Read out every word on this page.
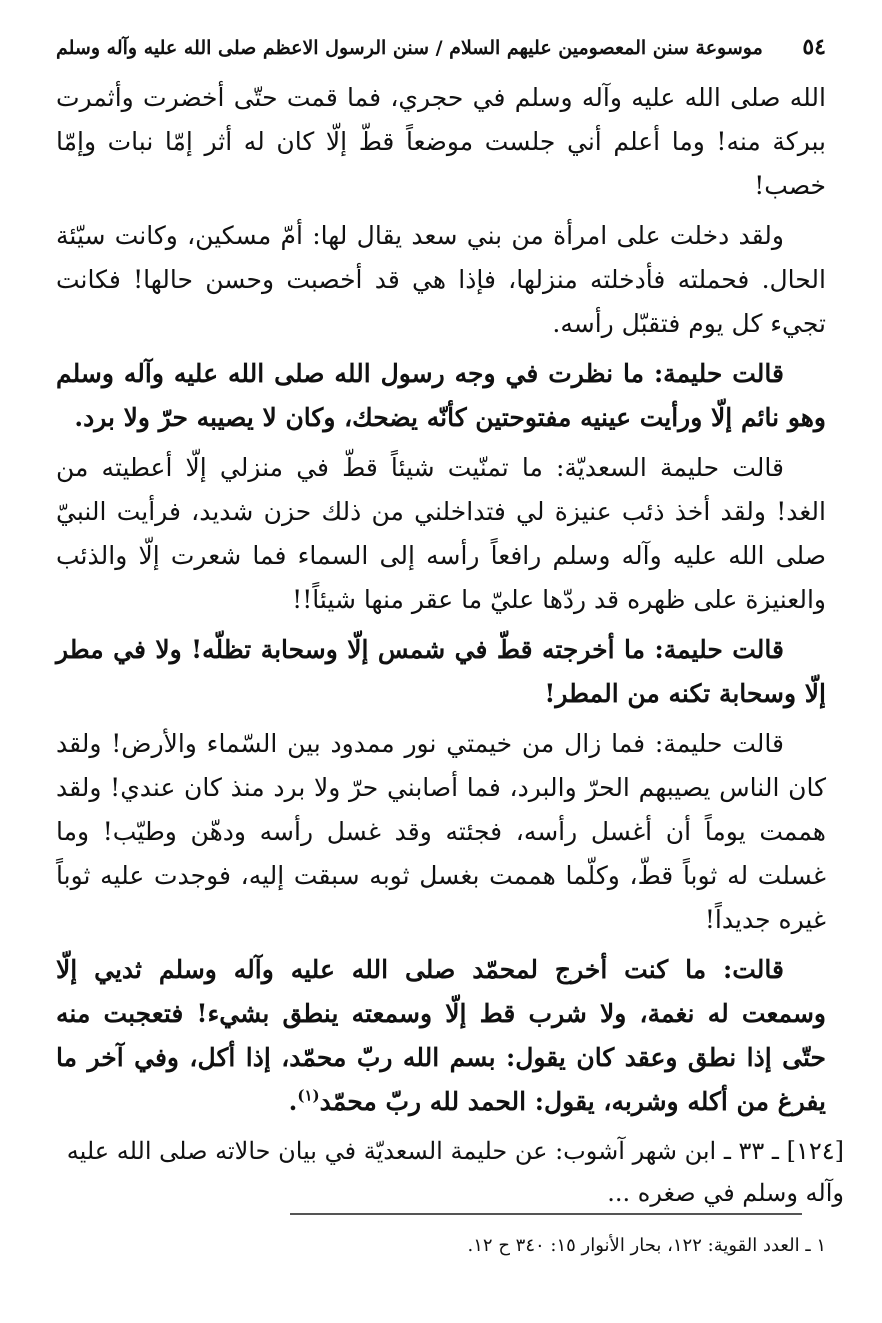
٥٤
موسوعة سنن المعصومين عليهم السلام / سنن الرسول الاعظم صلى الله عليه وآله وسلم

الله صلى الله عليه وآله وسلم في حجري، فما قمت حتّى أخضرت وأثمرت ببركة منه! وما أعلم أني جلست موضعاً قطّ إلّا كان له أثر إمّا نبات وإمّا خصب!

ولقد دخلت على امرأة من بني سعد يقال لها: أمّ مسكين، وكانت سيّئة الحال. فحملته فأدخلته منزلها، فإذا هي قد أخصبت وحسن حالها! فكانت تجيء كل يوم فتقبّل رأسه.

قالت حليمة: ما نظرت في وجه رسول الله صلى الله عليه وآله وسلم وهو نائم إلّا ورأيت عينيه مفتوحتين كأنّه يضحك، وكان لا يصيبه حرّ ولا برد.

قالت حليمة السعديّة: ما تمنّيت شيئاً قطّ في منزلي إلّا أعطيته من الغد! ولقد أخذ ذئب عنيزة لي فتداخلني من ذلك حزن شديد، فرأيت النبيّ صلى الله عليه وآله وسلم رافعاً رأسه إلى السماء فما شعرت إلّا والذئب والعنيزة على ظهره قد ردّها عليّ ما عقر منها شيئاً!!

قالت حليمة: ما أخرجته قطّ في شمس إلّا وسحابة تظلّه! ولا في مطر إلّا وسحابة تكنه من المطر!

قالت حليمة: فما زال من خيمتي نور ممدود بين السّماء والأرض! ولقد كان الناس يصيبهم الحرّ والبرد، فما أصابني حرّ ولا برد منذ كان عندي! ولقد هممت يوماً أن أغسل رأسه، فجئته وقد غسل رأسه ودهّن وطيّب! وما غسلت له ثوباً قطّ، وكلّما هممت بغسل ثوبه سبقت إليه، فوجدت عليه ثوباً غيره جديداً!

قالت: ما كنت أخرج لمحمّد صلى الله عليه وآله وسلم ثديي إلّا وسمعت له نغمة، ولا شرب قط إلّا وسمعته ينطق بشيء! فتعجبت منه حتّى إذا نطق وعقد كان يقول: بسم الله ربّ محمّد، إذا أكل، وفي آخر ما يفرغ من أكله وشربه، يقول: الحمد لله ربّ محمّد$^{(١)}$.

[١٢٤] ـ ٣٣ ـ ابن شهر آشوب: عن حليمة السعديّة في بيان حالاته صلى الله عليه وآله وسلم في صغره ...

١ ـ العدد القوية: ١٢٢، بحار الأنوار ١٥: ٣٤٠ ح ١٢.
